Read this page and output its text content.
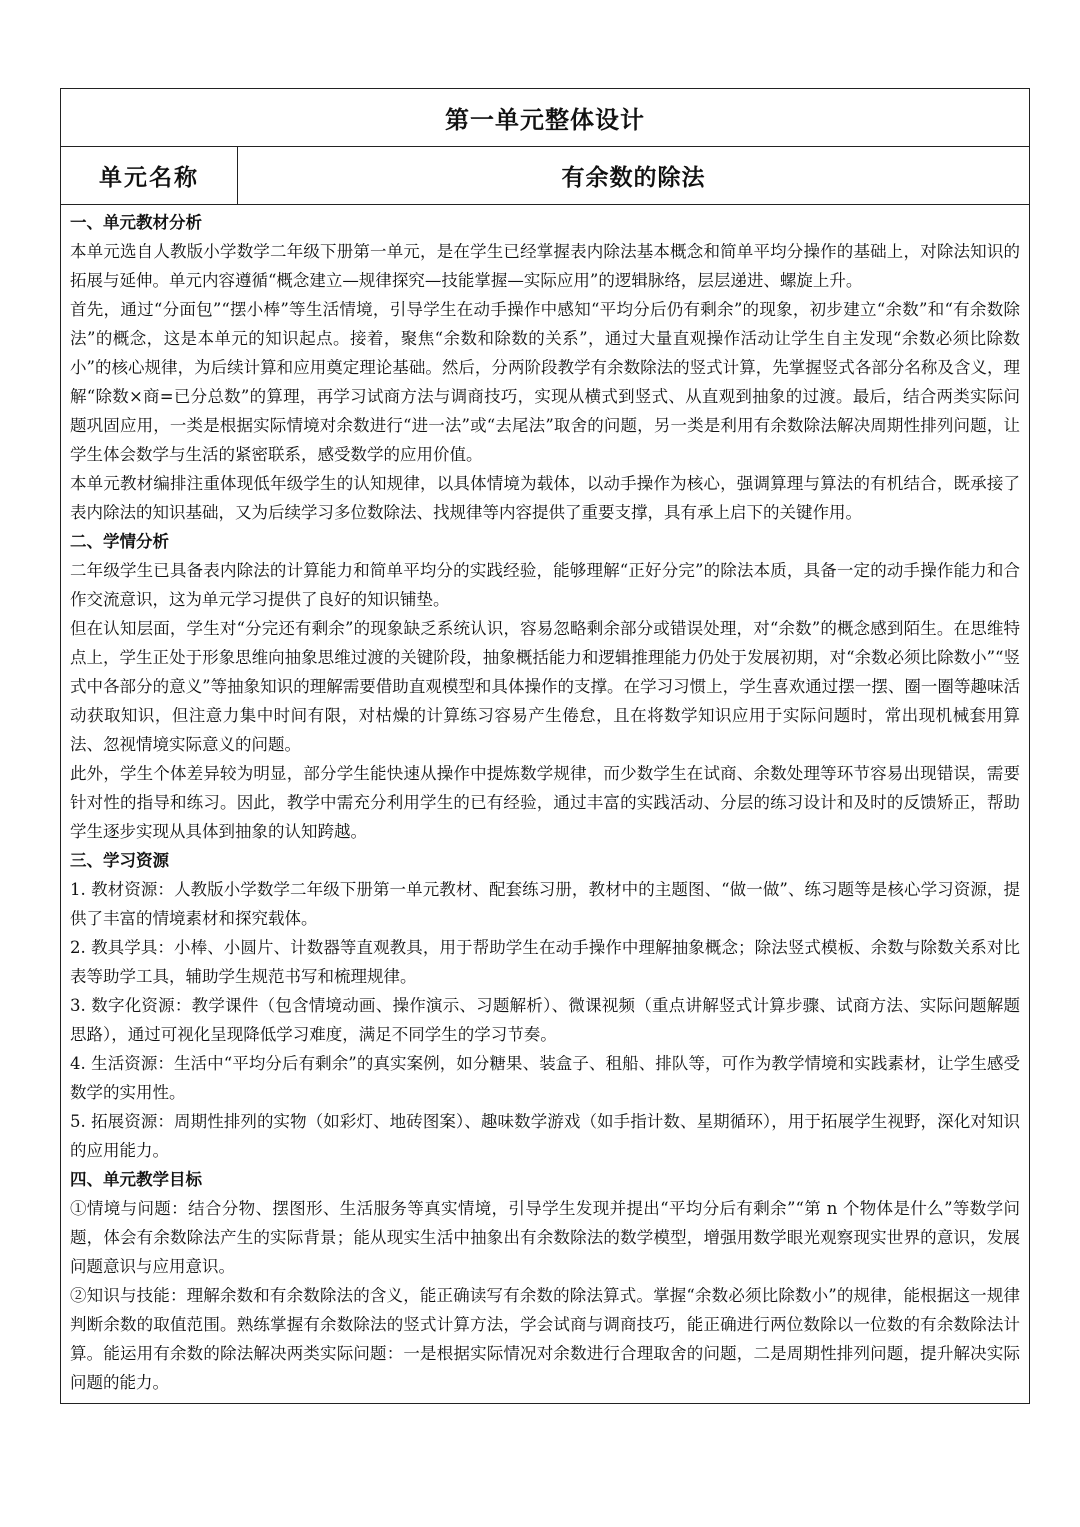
第一单元整体设计
单元名称	有余数的除法
一、单元教材分析

本单元选自人教版小学数学二年级下册第一单元，是在学生已经掌握表内除法基本概念和简单平均分操作的基础上，对除法知识的拓展与延伸。单元内容遵循“概念建立—规律探究—技能掌握—实际应用”的逻辑脉络，层层递进、螺旋上升。

首先，通过“分面包”“摆小棒”等生活情境，引导学生在动手操作中感知“平均分后仍有剩余”的现象，初步建立“余数”和“有余数除法”的概念，这是本单元的知识起点。接着，聚焦“余数和除数的关系”，通过大量直观操作活动让学生自主发现“余数必须比除数小”的核心规律，为后续计算和应用奠定理论基础。然后，分两阶段教学有余数除法的竖式计算，先掌握竖式各部分名称及含义，理解“除数×商=已分总数”的算理，再学习试商方法与调商技巧，实现从横式到竖式、从直观到抽象的过渡。最后，结合两类实际问题巩固应用，一类是根据实际情境对余数进行“进一法”或“去尾法”取舍的问题，另一类是利用有余数除法解决周期性排列问题，让学生体会数学与生活的紧密联系，感受数学的应用价值。

本单元教材编排注重体现低年级学生的认知规律，以具体情境为载体，以动手操作为核心，强调算理与算法的有机结合，既承接了表内除法的知识基础，又为后续学习多位数除法、找规律等内容提供了重要支撑，具有承上启下的关键作用。

二、学情分析

二年级学生已具备表内除法的计算能力和简单平均分的实践经验，能够理解“正好分完”的除法本质，具备一定的动手操作能力和合作交流意识，这为单元学习提供了良好的知识铺垫。

但在认知层面，学生对“分完还有剩余”的现象缺乏系统认识，容易忽略剩余部分或错误处理，对“余数”的概念感到陌生。在思维特点上，学生正处于形象思维向抽象思维过渡的关键阶段，抽象概括能力和逻辑推理能力仍处于发展初期，对“余数必须比除数小”“竖式中各部分的意义”等抽象知识的理解需要借助直观模型和具体操作的支撑。在学习习惯上，学生喜欢通过摆一摆、圈一圈等趣味活动获取知识，但注意力集中时间有限，对枯燥的计算练习容易产生倦怠，且在将数学知识应用于实际问题时，常出现机械套用算法、忽视情境实际意义的问题。

此外，学生个体差异较为明显，部分学生能快速从操作中提炼数学规律，而少数学生在试商、余数处理等环节容易出现错误，需要针对性的指导和练习。因此，教学中需充分利用学生的已有经验，通过丰富的实践活动、分层的练习设计和及时的反馈矫正，帮助学生逐步实现从具体到抽象的认知跨越。

三、学习资源

1. 教材资源：人教版小学数学二年级下册第一单元教材、配套练习册，教材中的主题图、“做一做”、练习题等是核心学习资源，提供了丰富的情境素材和探究载体。

2. 教具学具：小棒、小圆片、计数器等直观教具，用于帮助学生在动手操作中理解抽象概念；除法竖式模板、余数与除数关系对比表等助学工具，辅助学生规范书写和梳理规律。

3. 数字化资源：教学课件（包含情境动画、操作演示、习题解析）、微课视频（重点讲解竖式计算步骤、试商方法、实际问题解题思路），通过可视化呈现降低学习难度，满足不同学生的学习节奏。

4. 生活资源：生活中“平均分后有剩余”的真实案例，如分糖果、装盒子、租船、排队等，可作为教学情境和实践素材，让学生感受数学的实用性。

5. 拓展资源：周期性排列的实物（如彩灯、地砖图案）、趣味数学游戏（如手指计数、星期循环），用于拓展学生视野，深化对知识的应用能力。

四、单元教学目标

①情境与问题：结合分物、摆图形、生活服务等真实情境，引导学生发现并提出“平均分后有剩余”“第 n 个物体是什么”等数学问题，体会有余数除法产生的实际背景；能从现实生活中抽象出有余数除法的数学模型，增强用数学眼光观察现实世界的意识，发展问题意识与应用意识。

②知识与技能：理解余数和有余数除法的含义，能正确读写有余数的除法算式。掌握“余数必须比除数小”的规律，能根据这一规律判断余数的取值范围。熟练掌握有余数除法的竖式计算方法，学会试商与调商技巧，能正确进行两位数除以一位数的有余数除法计算。能运用有余数的除法解决两类实际问题：一是根据实际情况对余数进行合理取舍的问题，二是周期性排列问题，提升解决实际问题的能力。
